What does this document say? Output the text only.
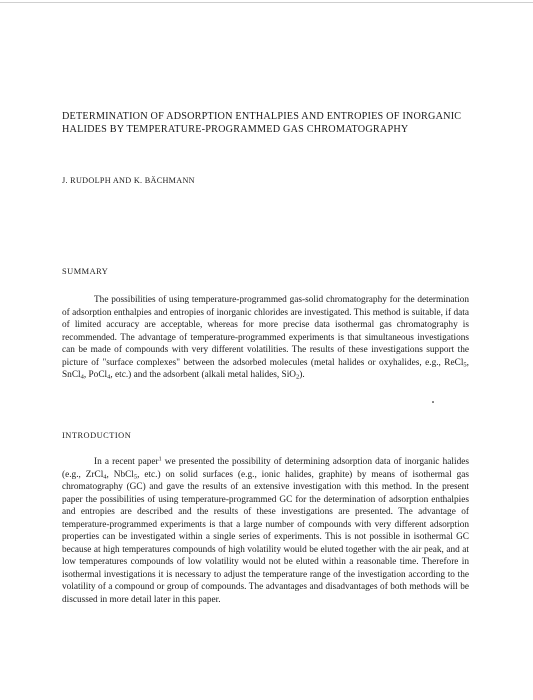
DETERMINATION OF ADSORPTION ENTHALPIES AND ENTROPIES OF INORGANIC HALIDES BY TEMPERATURE-PROGRAMMED GAS CHROMATOGRAPHY
J. RUDOLPH AND K. BÄCHMANN
SUMMARY

The possibilities of using temperature-programmed gas-solid chromatography for the determination of adsorption enthalpies and entropies of inorganic chlorides are investigated. This method is suitable, if data of limited accuracy are acceptable, whereas for more precise data isothermal gas chromatography is recommended. The advantage of temperature-programmed experiments is that simultaneous investigations can be made of compounds with very different volatilities. The results of these investigations support the picture of "surface complexes" between the adsorbed molecules (metal halides or oxyhalides, e.g., ReCl$_5$, SnCl$_4$, PoCl$_4$, etc.) and the adsorbent (alkali metal halides, SiO$_2$).

INTRODUCTION

In a recent paper$^1$ we presented the possibility of determining adsorption data of inorganic halides (e.g., ZrCl$_4$, NbCl$_5$, etc.) on solid surfaces (e.g., ionic halides, graphite) by means of isothermal gas chromatography (GC) and gave the results of an extensive investigation with this method. In the present paper the possibilities of using temperature-programmed GC for the determination of adsorption enthalpies and entropies are described and the results of these investigations are presented. The advantage of temperature-programmed experiments is that a large number of compounds with very different adsorption properties can be investigated within a single series of experiments. This is not possible in isothermal GC because at high temperatures compounds of high volatility would be eluted together with the air peak, and at low temperatures compounds of low volatility would not be eluted within a reasonable time. Therefore in isothermal investigations it is necessary to adjust the temperature range of the investigation according to the volatility of a compound or group of compounds. The advantages and disadvantages of both methods will be discussed in more detail later in this paper.
